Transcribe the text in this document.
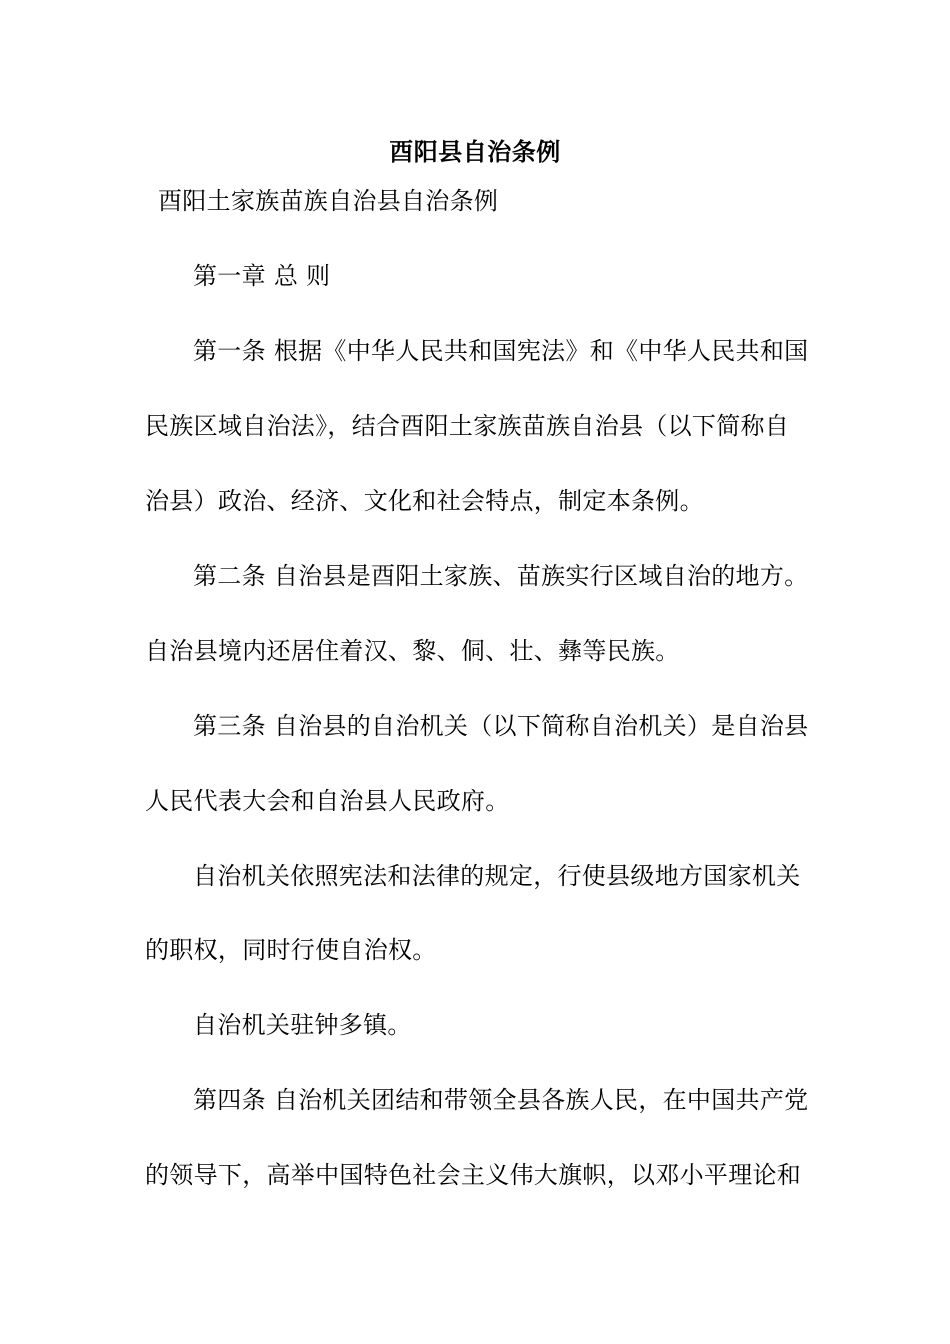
酉阳县自治条例
酉阳土家族苗族自治县自治条例
第一章 总 则
第一条 根据《中华人民共和国宪法》和《中华人民共和国
民族区域自治法》，结合酉阳土家族苗族自治县（以下简称自
治县）政治、经济、文化和社会特点，制定本条例。
第二条 自治县是酉阳土家族、苗族实行区域自治的地方。
自治县境内还居住着汉、黎、侗、壮、彝等民族。
第三条 自治县的自治机关（以下简称自治机关）是自治县
人民代表大会和自治县人民政府。
自治机关依照宪法和法律的规定，行使县级地方国家机关
的职权，同时行使自治权。
自治机关驻钟多镇。
第四条 自治机关团结和带领全县各族人民，在中国共产党
的领导下，高举中国特色社会主义伟大旗帜，以邓小平理论和
